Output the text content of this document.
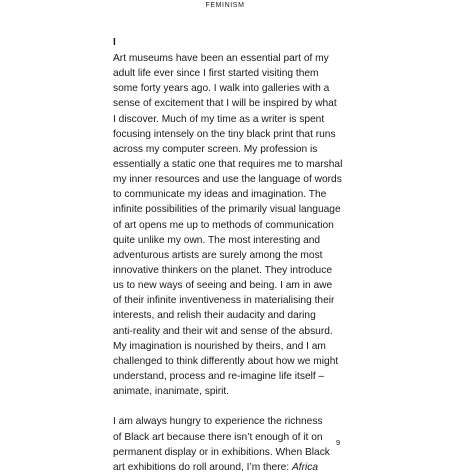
FEMINISM
I
Art museums have been an essential part of my
adult life ever since I first started visiting them
some forty years ago. I walk into galleries with a
sense of excitement that I will be inspired by what
I discover. Much of my time as a writer is spent
focusing intensely on the tiny black print that runs
across my computer screen. My profession is
essentially a static one that requires me to marshal
my inner resources and use the language of words
to communicate my ideas and imagination. The
infinite possibilities of the primarily visual language
of art opens me up to methods of communication
quite unlike my own. The most interesting and
adventurous artists are surely among the most
innovative thinkers on the planet. They introduce
us to new ways of seeing and being. I am in awe
of their infinite inventiveness in materialising their
interests, and relish their audacity and daring
anti-reality and their wit and sense of the absurd.
My imagination is nourished by theirs, and I am
challenged to think differently about how we might
understand, process and re-imagine life itself –
animate, inanimate, spirit.
I am always hungry to experience the richness
of Black art because there isn’t enough of it on
permanent display or in exhibitions. When Black
art exhibitions do roll around, I’m there: Africa
9
